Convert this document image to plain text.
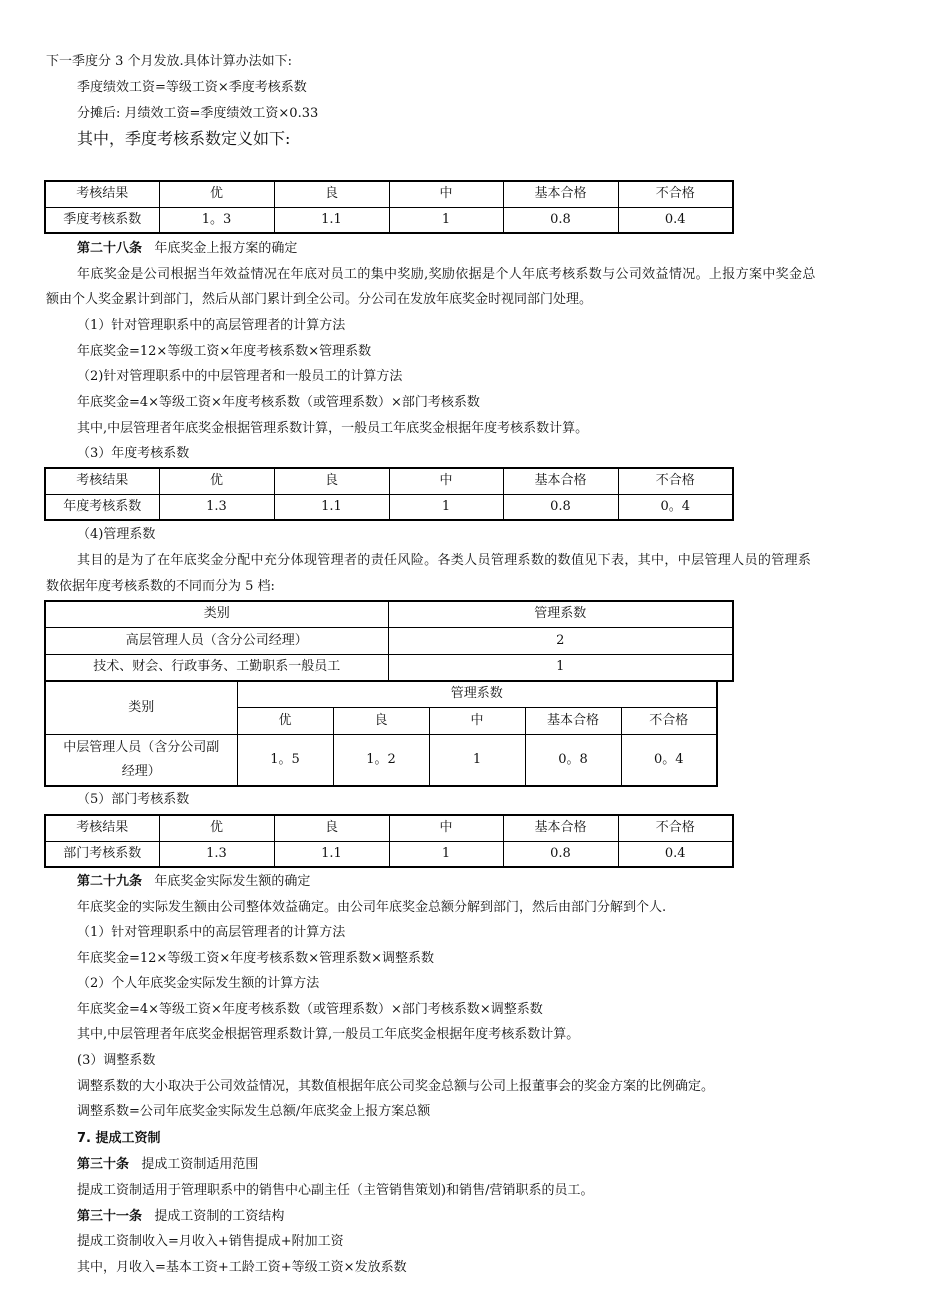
下一季度分 3 个月发放.具体计算办法如下:
季度绩效工资=等级工资×季度考核系数
分摊后: 月绩效工资=季度绩效工资×0.33
其中，季度考核系数定义如下:
考核结果	优	良	中	基本合格	不合格
季度考核系数	1。3	1.1	1	0.8	0.4
第二十八条 年底奖金上报方案的确定
年底奖金是公司根据当年效益情况在年底对员工的集中奖励,奖励依据是个人年底考核系数与公司效益情况。上报方案中奖金总
额由个人奖金累计到部门，然后从部门累计到全公司。分公司在发放年底奖金时视同部门处理。
（1）针对管理职系中的高层管理者的计算方法
年底奖金=12×等级工资×年度考核系数×管理系数
（2)针对管理职系中的中层管理者和一般员工的计算方法
年底奖金=4×等级工资×年度考核系数（或管理系数）×部门考核系数
其中,中层管理者年底奖金根据管理系数计算，一般员工年底奖金根据年度考核系数计算。
（3）年度考核系数
考核结果	优	良	中	基本合格	不合格
年度考核系数	1.3	1.1	1	0.8	0。4
（4)管理系数
其目的是为了在年底奖金分配中充分体现管理者的责任风险。各类人员管理系数的数值见下表，其中，中层管理人员的管理系
数依据年度考核系数的不同而分为 5 档:
类别	管理系数
高层管理人员（含分公司经理）	2
技术、财会、行政事务、工勤职系一般员工	1
类别	管理系数				
	优	良	中	基本合格	不合格
中层管理人员（含分公司副
经理）	1。5	1。2	1	0。8	0。4
（5）部门考核系数
考核结果	优	良	中	基本合格	不合格
部门考核系数	1.3	1.1	1	0.8	0.4
第二十九条 年底奖金实际发生额的确定
年底奖金的实际发生额由公司整体效益确定。由公司年底奖金总额分解到部门，然后由部门分解到个人.
（1）针对管理职系中的高层管理者的计算方法
年底奖金=12×等级工资×年度考核系数×管理系数×调整系数
（2）个人年底奖金实际发生额的计算方法
年底奖金=4×等级工资×年度考核系数（或管理系数）×部门考核系数×调整系数
其中,中层管理者年底奖金根据管理系数计算,一般员工年底奖金根据年度考核系数计算。
(3）调整系数
调整系数的大小取决于公司效益情况，其数值根据年底公司奖金总额与公司上报董事会的奖金方案的比例确定。
调整系数=公司年底奖金实际发生总额/年底奖金上报方案总额
7. 提成工资制
第三十条 提成工资制适用范围
提成工资制适用于管理职系中的销售中心副主任（主管销售策划)和销售/营销职系的员工。
第三十一条 提成工资制的工资结构
提成工资制收入=月收入+销售提成+附加工资
其中，月收入=基本工资+工龄工资+等级工资×发放系数
